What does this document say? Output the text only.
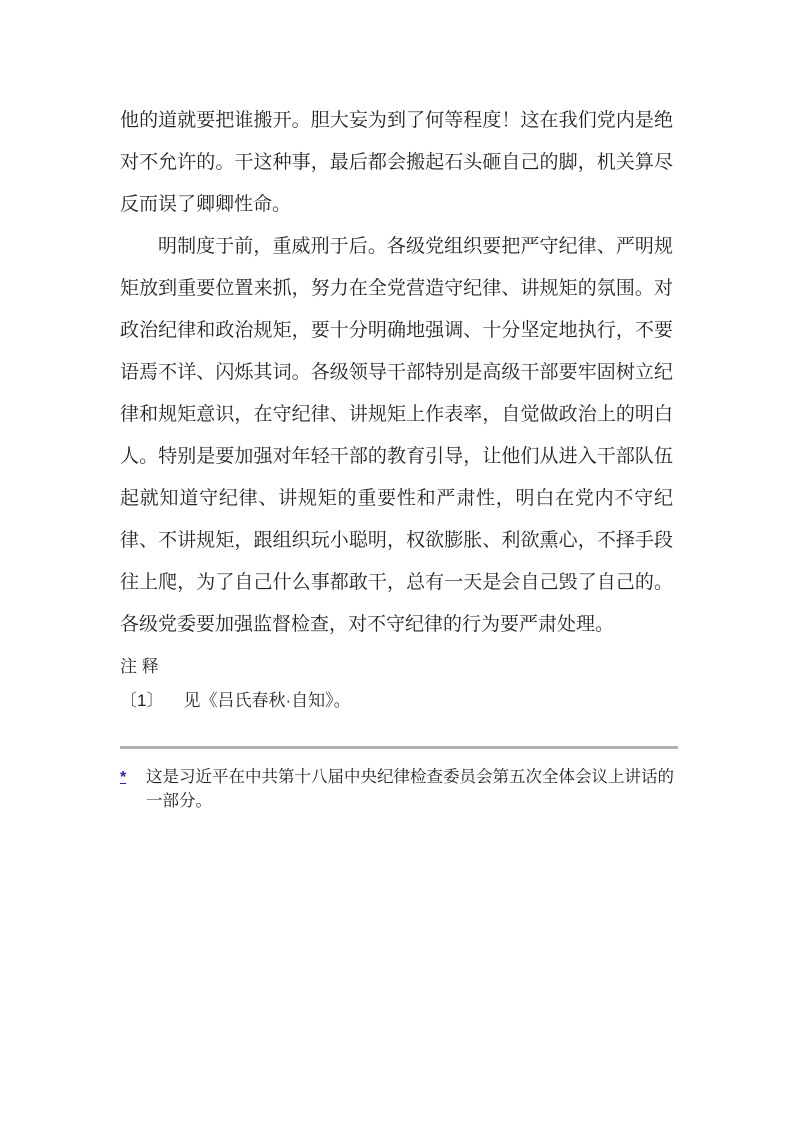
他的道就要把谁搬开。胆大妄为到了何等程度！这在我们党内是绝对不允许的。干这种事，最后都会搬起石头砸自己的脚，机关算尽反而误了卿卿性命。

明制度于前，重威刑于后。各级党组织要把严守纪律、严明规矩放到重要位置来抓，努力在全党营造守纪律、讲规矩的氛围。对政治纪律和政治规矩，要十分明确地强调、十分坚定地执行，不要语焉不详、闪烁其词。各级领导干部特别是高级干部要牢固树立纪律和规矩意识，在守纪律、讲规矩上作表率，自觉做政治上的明白人。特别是要加强对年轻干部的教育引导，让他们从进入干部队伍起就知道守纪律、讲规矩的重要性和严肃性，明白在党内不守纪律、不讲规矩，跟组织玩小聪明，权欲膨胀、利欲熏心，不择手段往上爬，为了自己什么事都敢干，总有一天是会自己毁了自己的。各级党委要加强监督检查，对不守纪律的行为要严肃处理。

注 释
〔1〕 见《吕氏春秋·自知》。
*	这是习近平在中共第十八届中央纪律检查委员会第五次全体会议上讲话的一部分。
